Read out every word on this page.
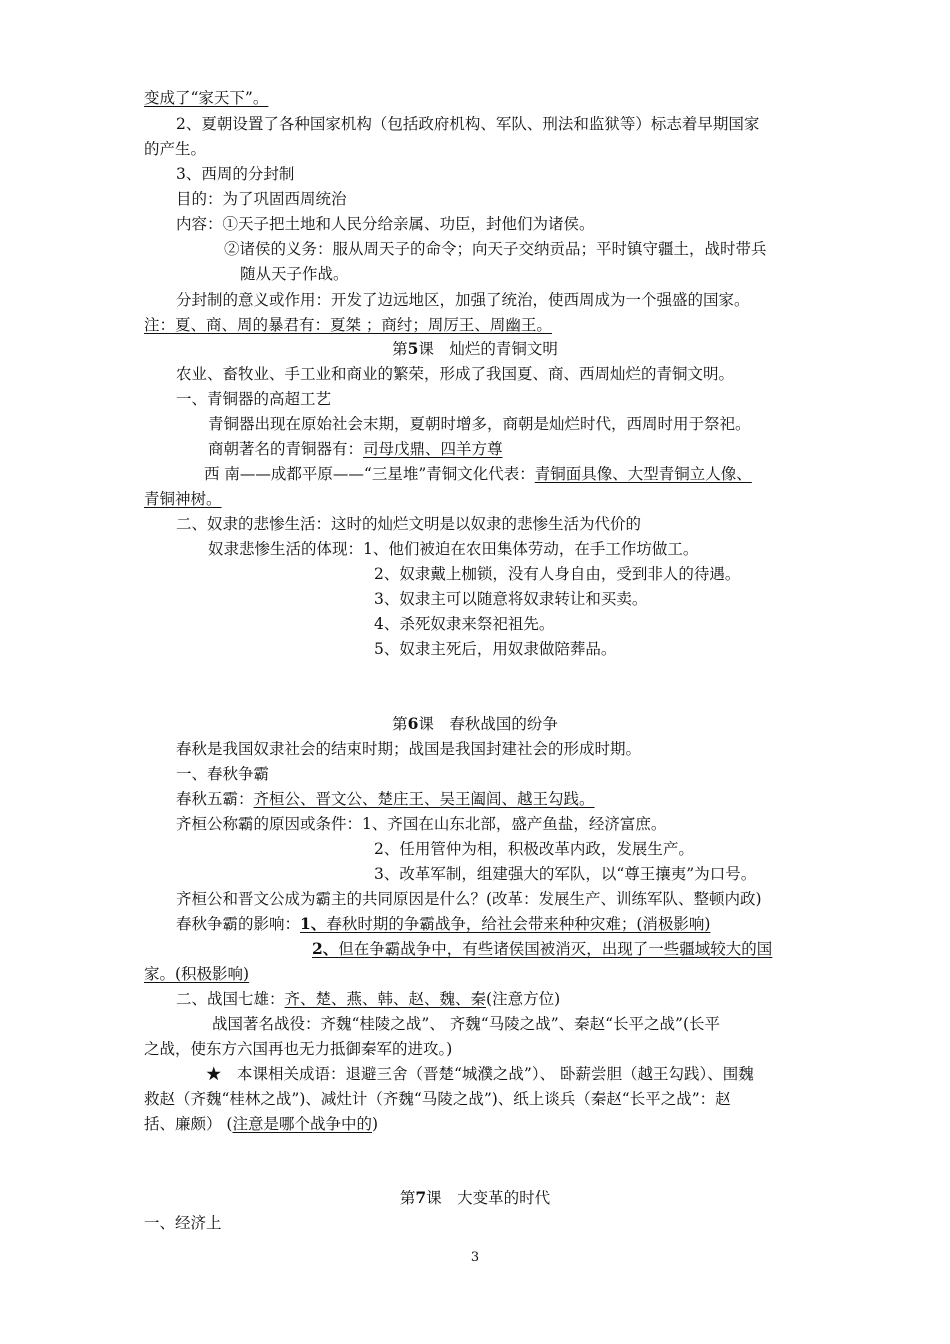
变成了“家天下”。
2、夏朝设置了各种国家机构（包括政府机构、军队、刑法和监狱等）标志着早期国家
的产生。
3、西周的分封制
目的：为了巩固西周统治
内容：①天子把土地和人民分给亲属、功臣，封他们为诸侯。
②诸侯的义务：服从周天子的命令；向天子交纳贡品；平时镇守疆土，战时带兵
随从天子作战。
分封制的意义或作用：开发了边远地区，加强了统治，使西周成为一个强盛的国家。
注：夏、商、周的暴君有：夏桀 ；商纣；周厉王、周幽王。
第5课　灿烂的青铜文明
农业、畜牧业、手工业和商业的繁荣，形成了我国夏、商、西周灿烂的青铜文明。
一、青铜器的高超工艺
青铜器出现在原始社会末期，夏朝时增多，商朝是灿烂时代，西周时用于祭祀。
商朝著名的青铜器有：司母戊鼎、四羊方尊
西 南——成都平原——“三星堆”青铜文化代表：青铜面具像、大型青铜立人像、
青铜神树。
二、奴隶的悲惨生活：这时的灿烂文明是以奴隶的悲惨生活为代价的
奴隶悲惨生活的体现：1、他们被迫在农田集体劳动，在手工作坊做工。
2、奴隶戴上枷锁，没有人身自由，受到非人的待遇。
3、奴隶主可以随意将奴隶转让和买卖。
4、杀死奴隶来祭祀祖先。
5、奴隶主死后，用奴隶做陪葬品。
第6课　春秋战国的纷争
春秋是我国奴隶社会的结束时期；战国是我国封建社会的形成时期。
一、春秋争霸
春秋五霸：齐桓公、晋文公、楚庄王、吴王阖闾、越王勾践。
齐桓公称霸的原因或条件：1、齐国在山东北部，盛产鱼盐，经济富庶。
2、任用管仲为相，积极改革内政，发展生产。
3、改革军制，组建强大的军队，以“尊王攘夷”为口号。
齐桓公和晋文公成为霸主的共同原因是什么？(改革：发展生产、训练军队、整顿内政)
春秋争霸的影响：1、春秋时期的争霸战争，给社会带来种种灾难；(消极影响)
2、但在争霸战争中，有些诸侯国被消灭，出现了一些疆域较大的国
家。(积极影响)
二、战国七雄：齐、楚、燕、韩、赵、魏、秦(注意方位)
战国著名战役：齐魏“桂陵之战”、 齐魏“马陵之战”、秦赵“长平之战”(长平
之战，使东方六国再也无力抵御秦军的进攻。)
★　本课相关成语：退避三舍（晋楚“城濮之战”）、 卧薪尝胆（越王勾践）、围魏
救赵（齐魏“桂林之战”)、减灶计（齐魏“马陵之战”)、纸上谈兵（秦赵“长平之战”：赵
括、廉颇） (注意是哪个战争中的)
第7课　大变革的时代
一、经济上
3
